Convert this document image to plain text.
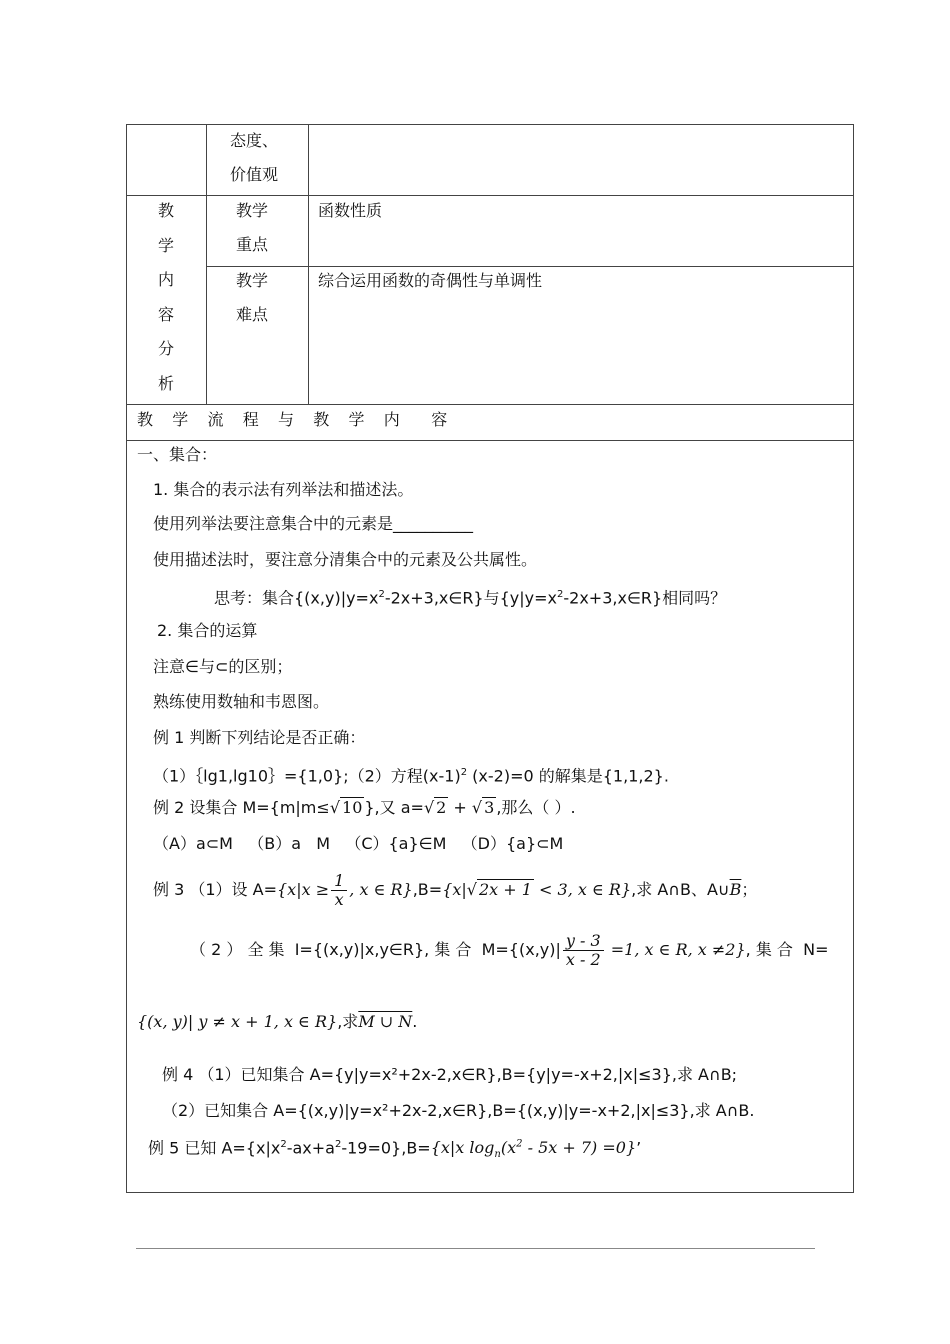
态度、
价值观
教
学
内
容
分
析
教学
重点
函数性质
教学
难点
综合运用函数的奇偶性与单调性
教   学   流   程   与   教   学   内     容
一、集合：
1. 集合的表示法有列举法和描述法。
使用列举法要注意集合中的元素是__________
使用描述法时，要注意分清集合中的元素及公共属性。
思考：集合$\{(x,y)|y=x^2-2x+3,x\in R\}$与$\{y|y=x^2-2x+3,x\in R\}$相同吗？
2. 集合的运算
注意∈与⊂的区别；
熟练使用数轴和韦恩图。
例 1 判断下列结论是否正确：
（1）｛lg1,lg10｝={1,0};（2）方程$(x-1)^2$ (x-2)=0 的解集是{1,1,2}.
例 2 设集合 M={m|m≤√ 10 },又 a=√ 2 + √ 3 ,那么（ ）.
（A）a⊂M   （B）a   M   （C）{a}∈M   （D）{a}⊂M
例 3 （1）设 $A=\{x|x \ge \frac{1}{x}$ , x ∈ R},B={x|√ 2x + 1 < 3, x ∈ R},求 A∩B、$A\cup\overline{B}$；
（ 2 ） 全 集  I={(x,y)|x,y∈R}, 集 合  $M=\{(x,y)| \frac{y - 3}{x - 2} =1$, x ∈ R, x ≠2}, 集 合  N=
{(x, y)| y ≠ x + 1, x ∈ R},求M ∪ N.
例 4 （1）已知集合 A={y|y=x²+2x-2,x∈R},B={y|y=-x+2,|x|≤3},求 A∩B;
（2）已知集合 A={(x,y)|y=x²+2x-2,x∈R},B={(x,y)|y=-x+2,|x|≤3},求 A∩B.
例 5 已知 $A=\{x|x^2-ax+a^2-19=0\},B=\{x|x$ $\log_n(x^2 - 5x + 7) =0$}’
